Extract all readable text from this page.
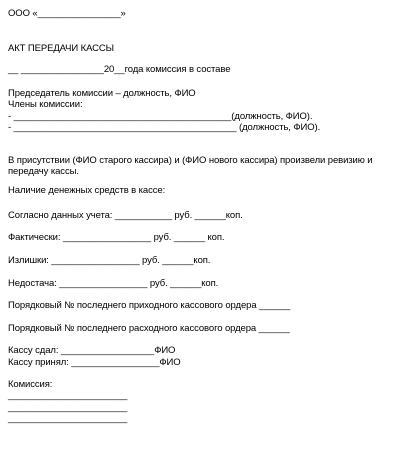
ООО «________________»
АКТ ПЕРЕДАЧИ КАССЫ
__ ________________20__года комиссия в составе
Председатель комиссии – должность, ФИО
Члены комиссии:
- __________________________________________(должность, ФИО).
- ___________________________________________ (должность, ФИО).
В присутствии (ФИО старого кассира) и (ФИО нового кассира) произвели ревизию и передачу кассы.
Наличие денежных средств в кассе:
Согласно данных учета: ___________ руб. ______коп.
Фактически: _________________ руб. ______ коп.
Излишки: _________________ руб. ______коп.
Недостача: _________________ руб. ______коп.
Порядковый № последнего приходного кассового ордера ______
Порядковый № последнего расходного кассового ордера ______
Кассу сдал: __________________ФИО
Кассу принял: _________________ФИО
Комиссия:
_______________________
_______________________
_______________________
